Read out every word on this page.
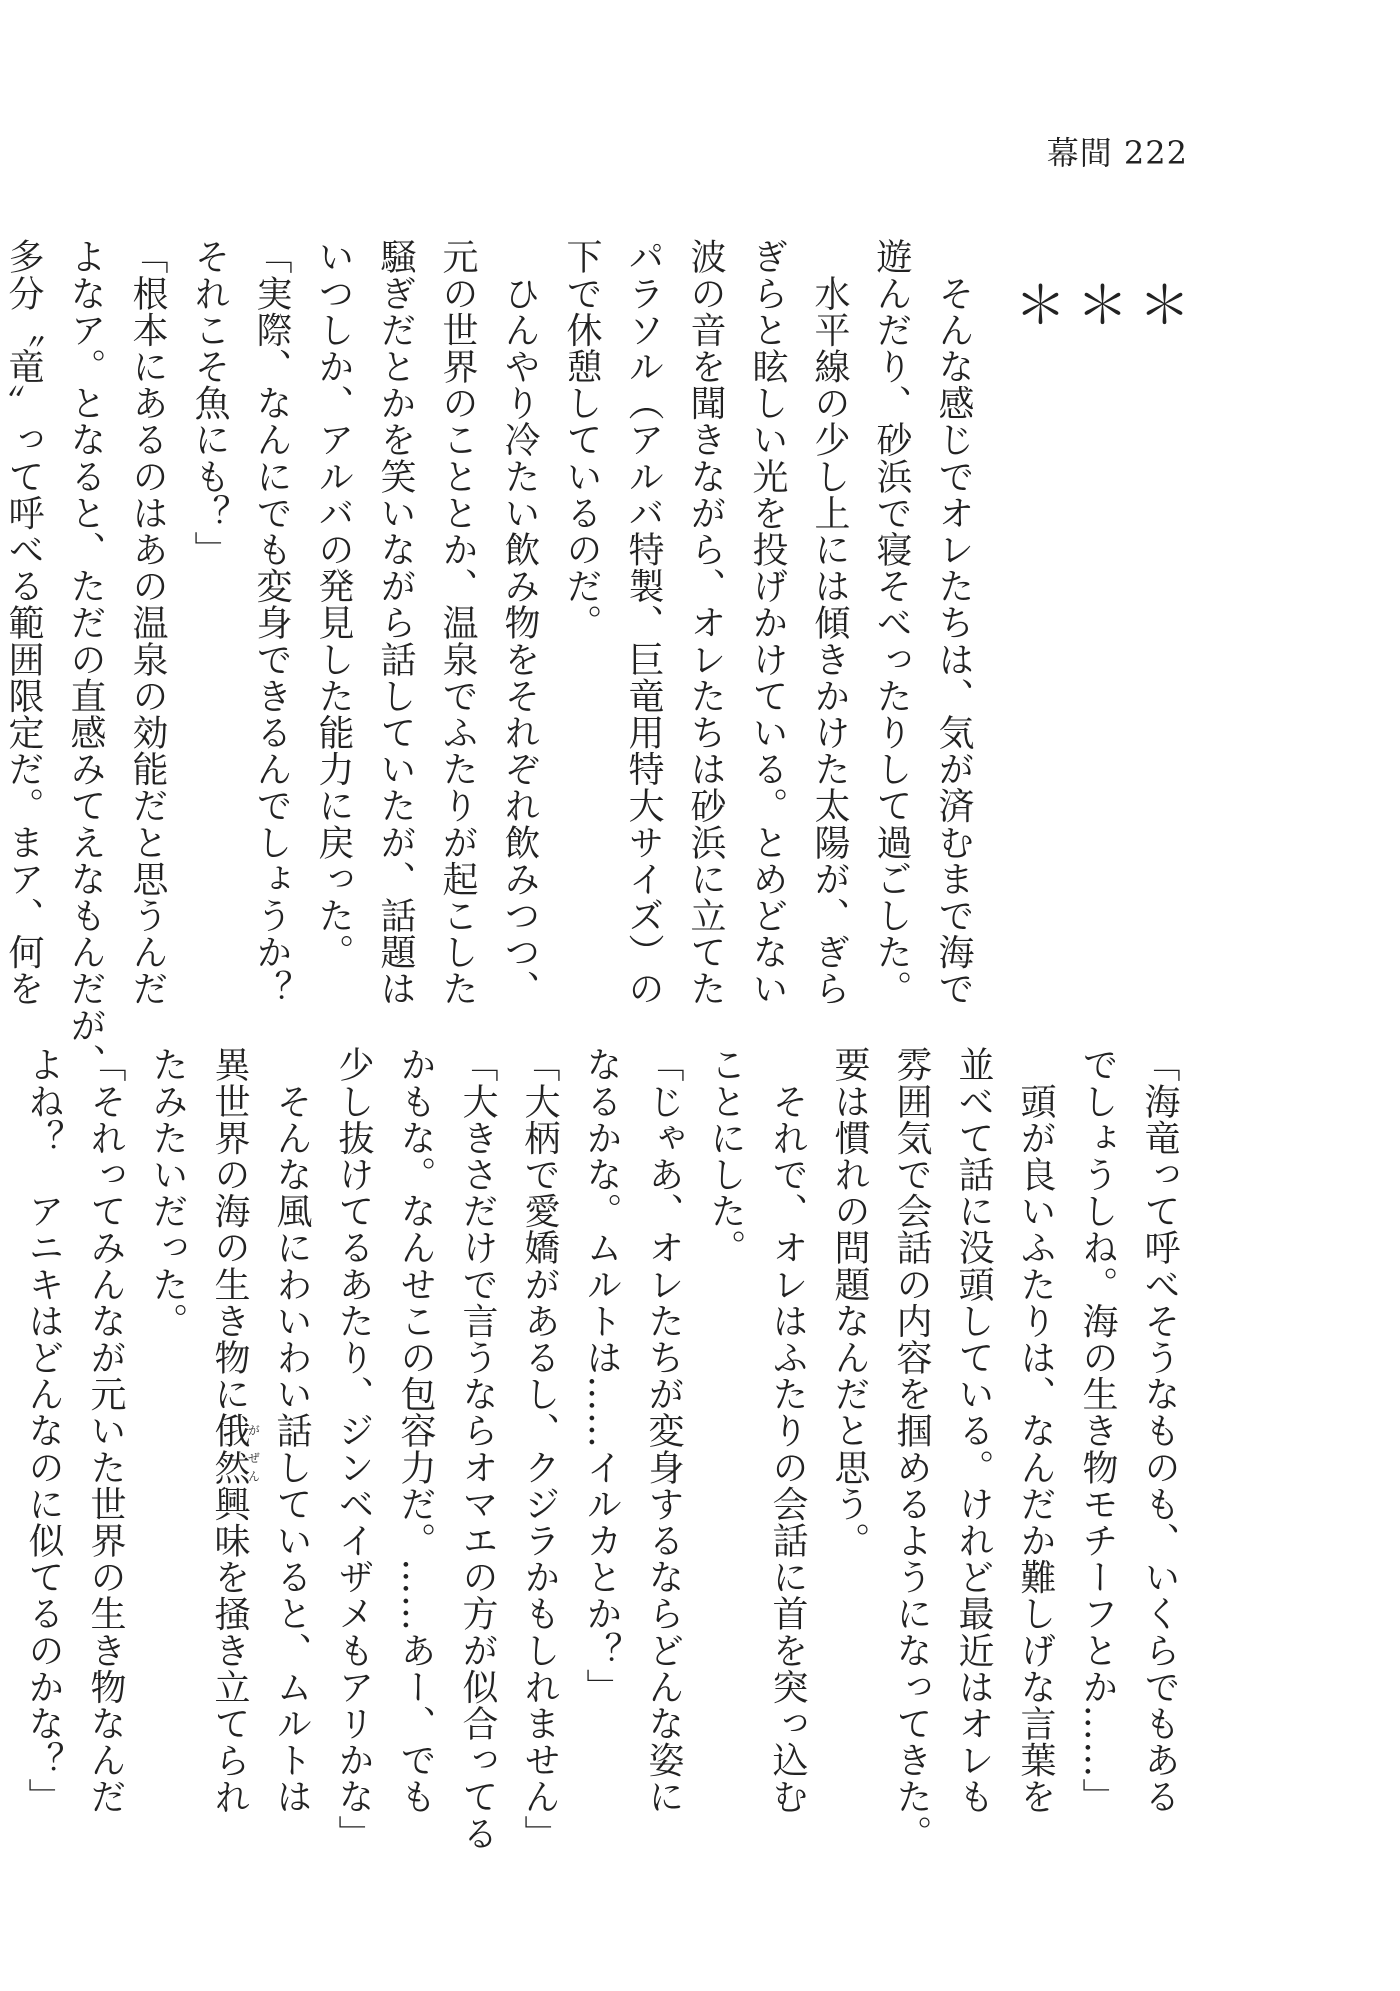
幕間 222
＊
＊
＊
　そんな感じでオレたちは、気が済むまで海で
遊んだり、砂浜で寝そべったりして過ごした。
　水平線の少し上には傾きかけた太陽が、ぎら
ぎらと眩しい光を投げかけている。とめどない
波の音を聞きながら、オレたちは砂浜に立てた
パラソル（アルバ特製、巨竜用特大サイズ）の
下で休憩しているのだ。
　ひんやり冷たい飲み物をそれぞれ飲みつつ、
元の世界のこととか、温泉でふたりが起こした
騒ぎだとかを笑いながら話していたが、話題は
いつしか、アルバの発見した能力に戻った。
「実際、なんにでも変身できるんでしょうか？
それこそ魚にも？」
「根本にあるのはあの温泉の効能だと思うんだ
よなア。となると、ただの直感みてえなもんだが、
多分〝竜〟って呼べる範囲限定だ。まア、何を
「海竜って呼べそうなものも、いくらでもある
でしょうしね。海の生き物モチーフとか……」
　頭が良いふたりは、なんだか難しげな言葉を
並べて話に没頭している。けれど最近はオレも
雰囲気で会話の内容を掴めるようになってきた。
要は慣れの問題なんだと思う。
　それで、オレはふたりの会話に首を突っ込む
ことにした。
「じゃあ、オレたちが変身するならどんな姿に
なるかな。ムルトは……イルカとか？」
「大柄で愛嬌があるし、クジラかもしれません」
「大きさだけで言うならオマエの方が似合ってる
かもな。なんせこの包容力だ。……あー、でも
少し抜けてるあたり、ジンベイザメもアリかな」
　そんな風にわいわい話していると、ムルトは
異世界の海の生き物に俄が然ぜん興味を掻き立てられ
たみたいだった。
「それってみんなが元いた世界の生き物なんだ
よね？　アニキはどんなのに似てるのかな？」
